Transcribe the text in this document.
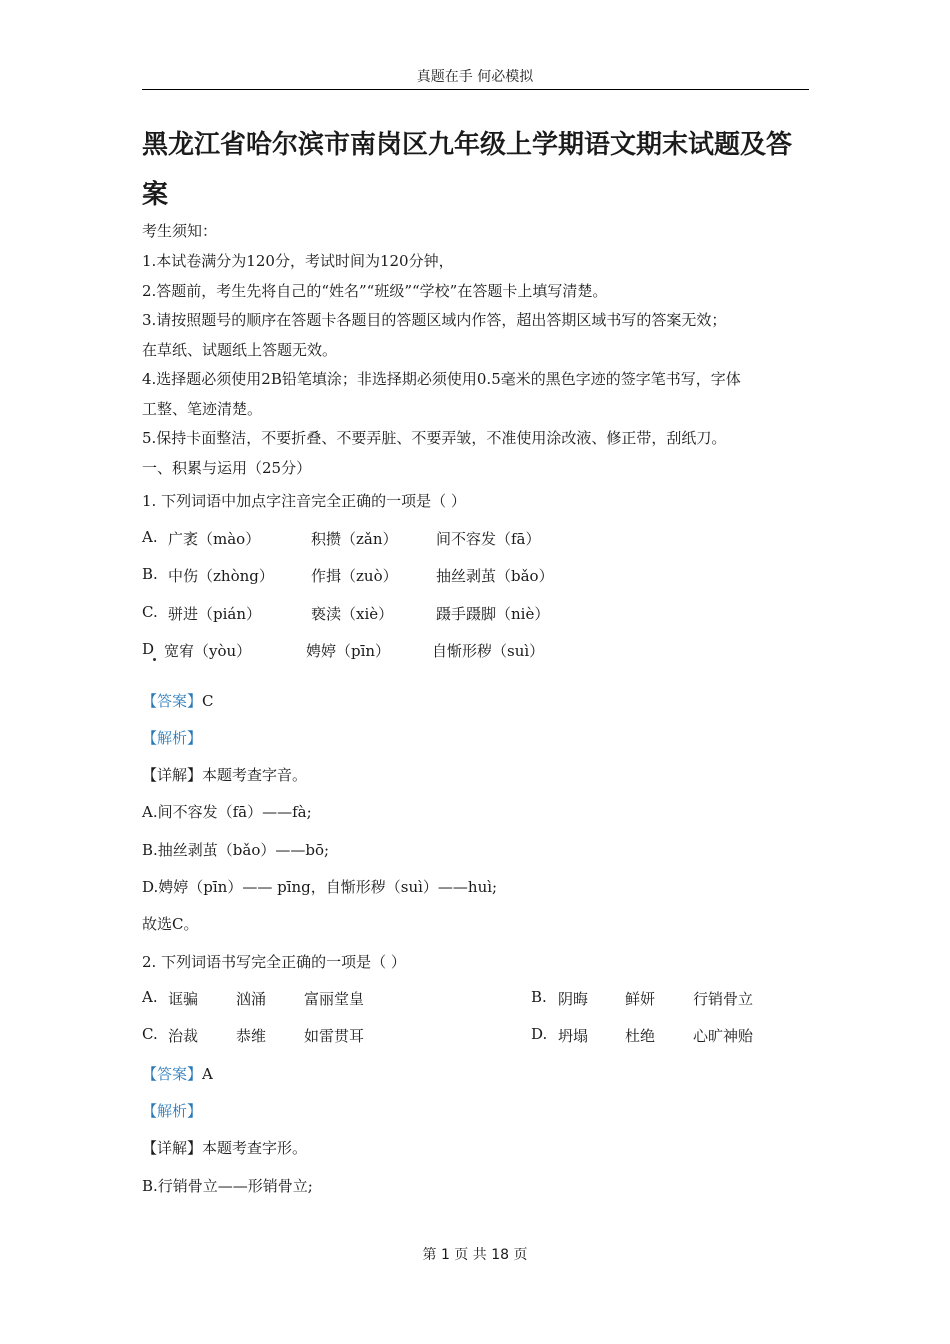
真题在手 何必模拟
黑龙江省哈尔滨市南岗区九年级上学期语文期末试题及答
案
考生须知：
1.本试卷满分为120分，考试时间为120分钟，
2.答题前，考生先将自己的“姓名”“班级”“学校”在答题卡上填写清楚。
3.请按照题号的顺序在答题卡各题目的答题区域内作答，超出答期区域书写的答案无效；
在草纸、试题纸上答题无效。
4.选择题必须使用2B铅笔填涂；非选择期必须使用0.5毫米的黑色字迹的签字笔书写，字体
工整、笔迹清楚。
5.保持卡面整洁，不要折叠、不要弄脏、不要弄皱，不准使用涂改液、修正带，刮纸刀。
一、积累与运用（25分）
1. 下列词语中加点字注音完全正确的一项是（ ）
A. 广袤（mào）	积攒（zǎn）	间不容发（fā）
B. 中伤（zhòng） 作揖（zuò）	抽丝剥茧（bǎo）
C. 骈进（pián）	亵渎（xiè）	蹑手蹑脚（niè）
D 宽宥（yòu）	娉婷（pīn）	自惭形秽（suì）
【答案】C
【解析】
【详解】本题考查字音。
A.间不容发（fā）——fà;
B.抽丝剥茧（bǎo）——bō;
D.娉婷（pīn）—— pīng，自惭形秽（suì）——huì;
故选C。
2. 下列词语书写完全正确的一项是（ ）
A. 诓骗	汹涌	富丽堂皇	B. 阴晦 鲜妍	行销骨立
C. 治裁	恭维	如雷贯耳	D. 坍塌 杜绝	心旷神贻
【答案】A
【解析】
【详解】本题考查字形。
B.行销骨立——形销骨立;
第 1 页 共 18 页
